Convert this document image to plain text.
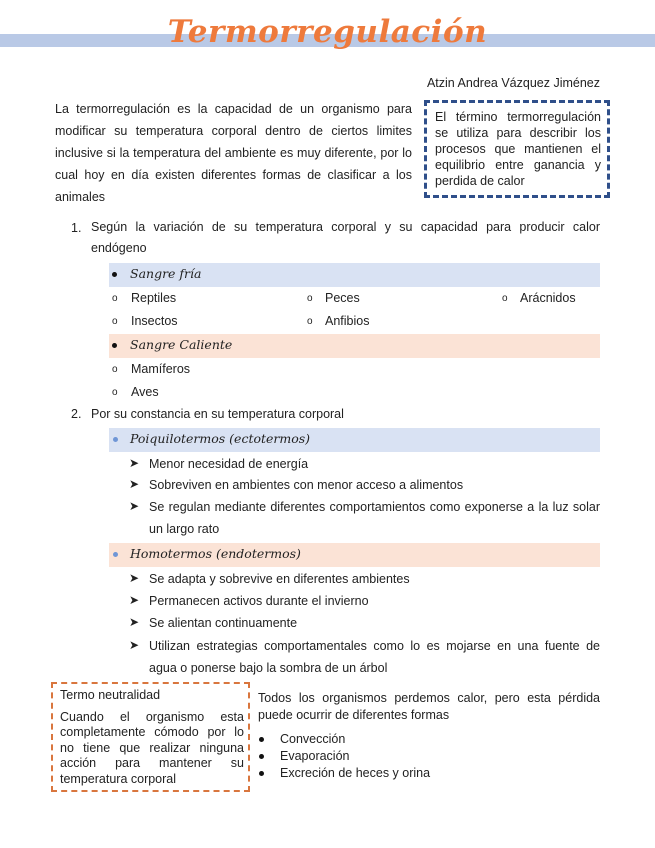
Termorregulación
Atzin Andrea Vázquez Jiménez
La termorregulación es la capacidad de un organismo para modificar su temperatura corporal dentro de ciertos limites inclusive si la temperatura del ambiente es muy diferente, por lo cual hoy en día existen diferentes formas de clasificar a los animales
El término termorregulación se utiliza para describir los procesos que mantienen el equilibrio entre ganancia y perdida de calor
1. Según la variación de su temperatura corporal y su capacidad para producir calor endógeno
Sangre fría
o Reptiles	o Peces	o Arácnidos
o Insectos	o Anfibios
Sangre Caliente
o Mamíferos
o Aves
2. Por su constancia en su temperatura corporal
Poiquilotermos (ectotermos)
➤ Menor necesidad de energía
➤ Sobreviven en ambientes con menor acceso a alimentos
➤ Se regulan mediante diferentes comportamientos como exponerse a la luz solar un largo rato
Homotermos (endotermos)
➤ Se adapta y sobrevive en diferentes ambientes
➤ Permanecen activos durante el invierno
➤ Se alientan continuamente
➤ Utilizan estrategias comportamentales como lo es mojarse en una fuente de agua o ponerse bajo la sombra de un árbol
Termo neutralidad
Cuando el organismo esta completamente cómodo por lo no tiene que realizar ninguna acción para mantener su temperatura corporal
Todos los organismos perdemos calor, pero esta pérdida puede ocurrir de diferentes formas
Convección
Evaporación
Excreción de heces y orina
